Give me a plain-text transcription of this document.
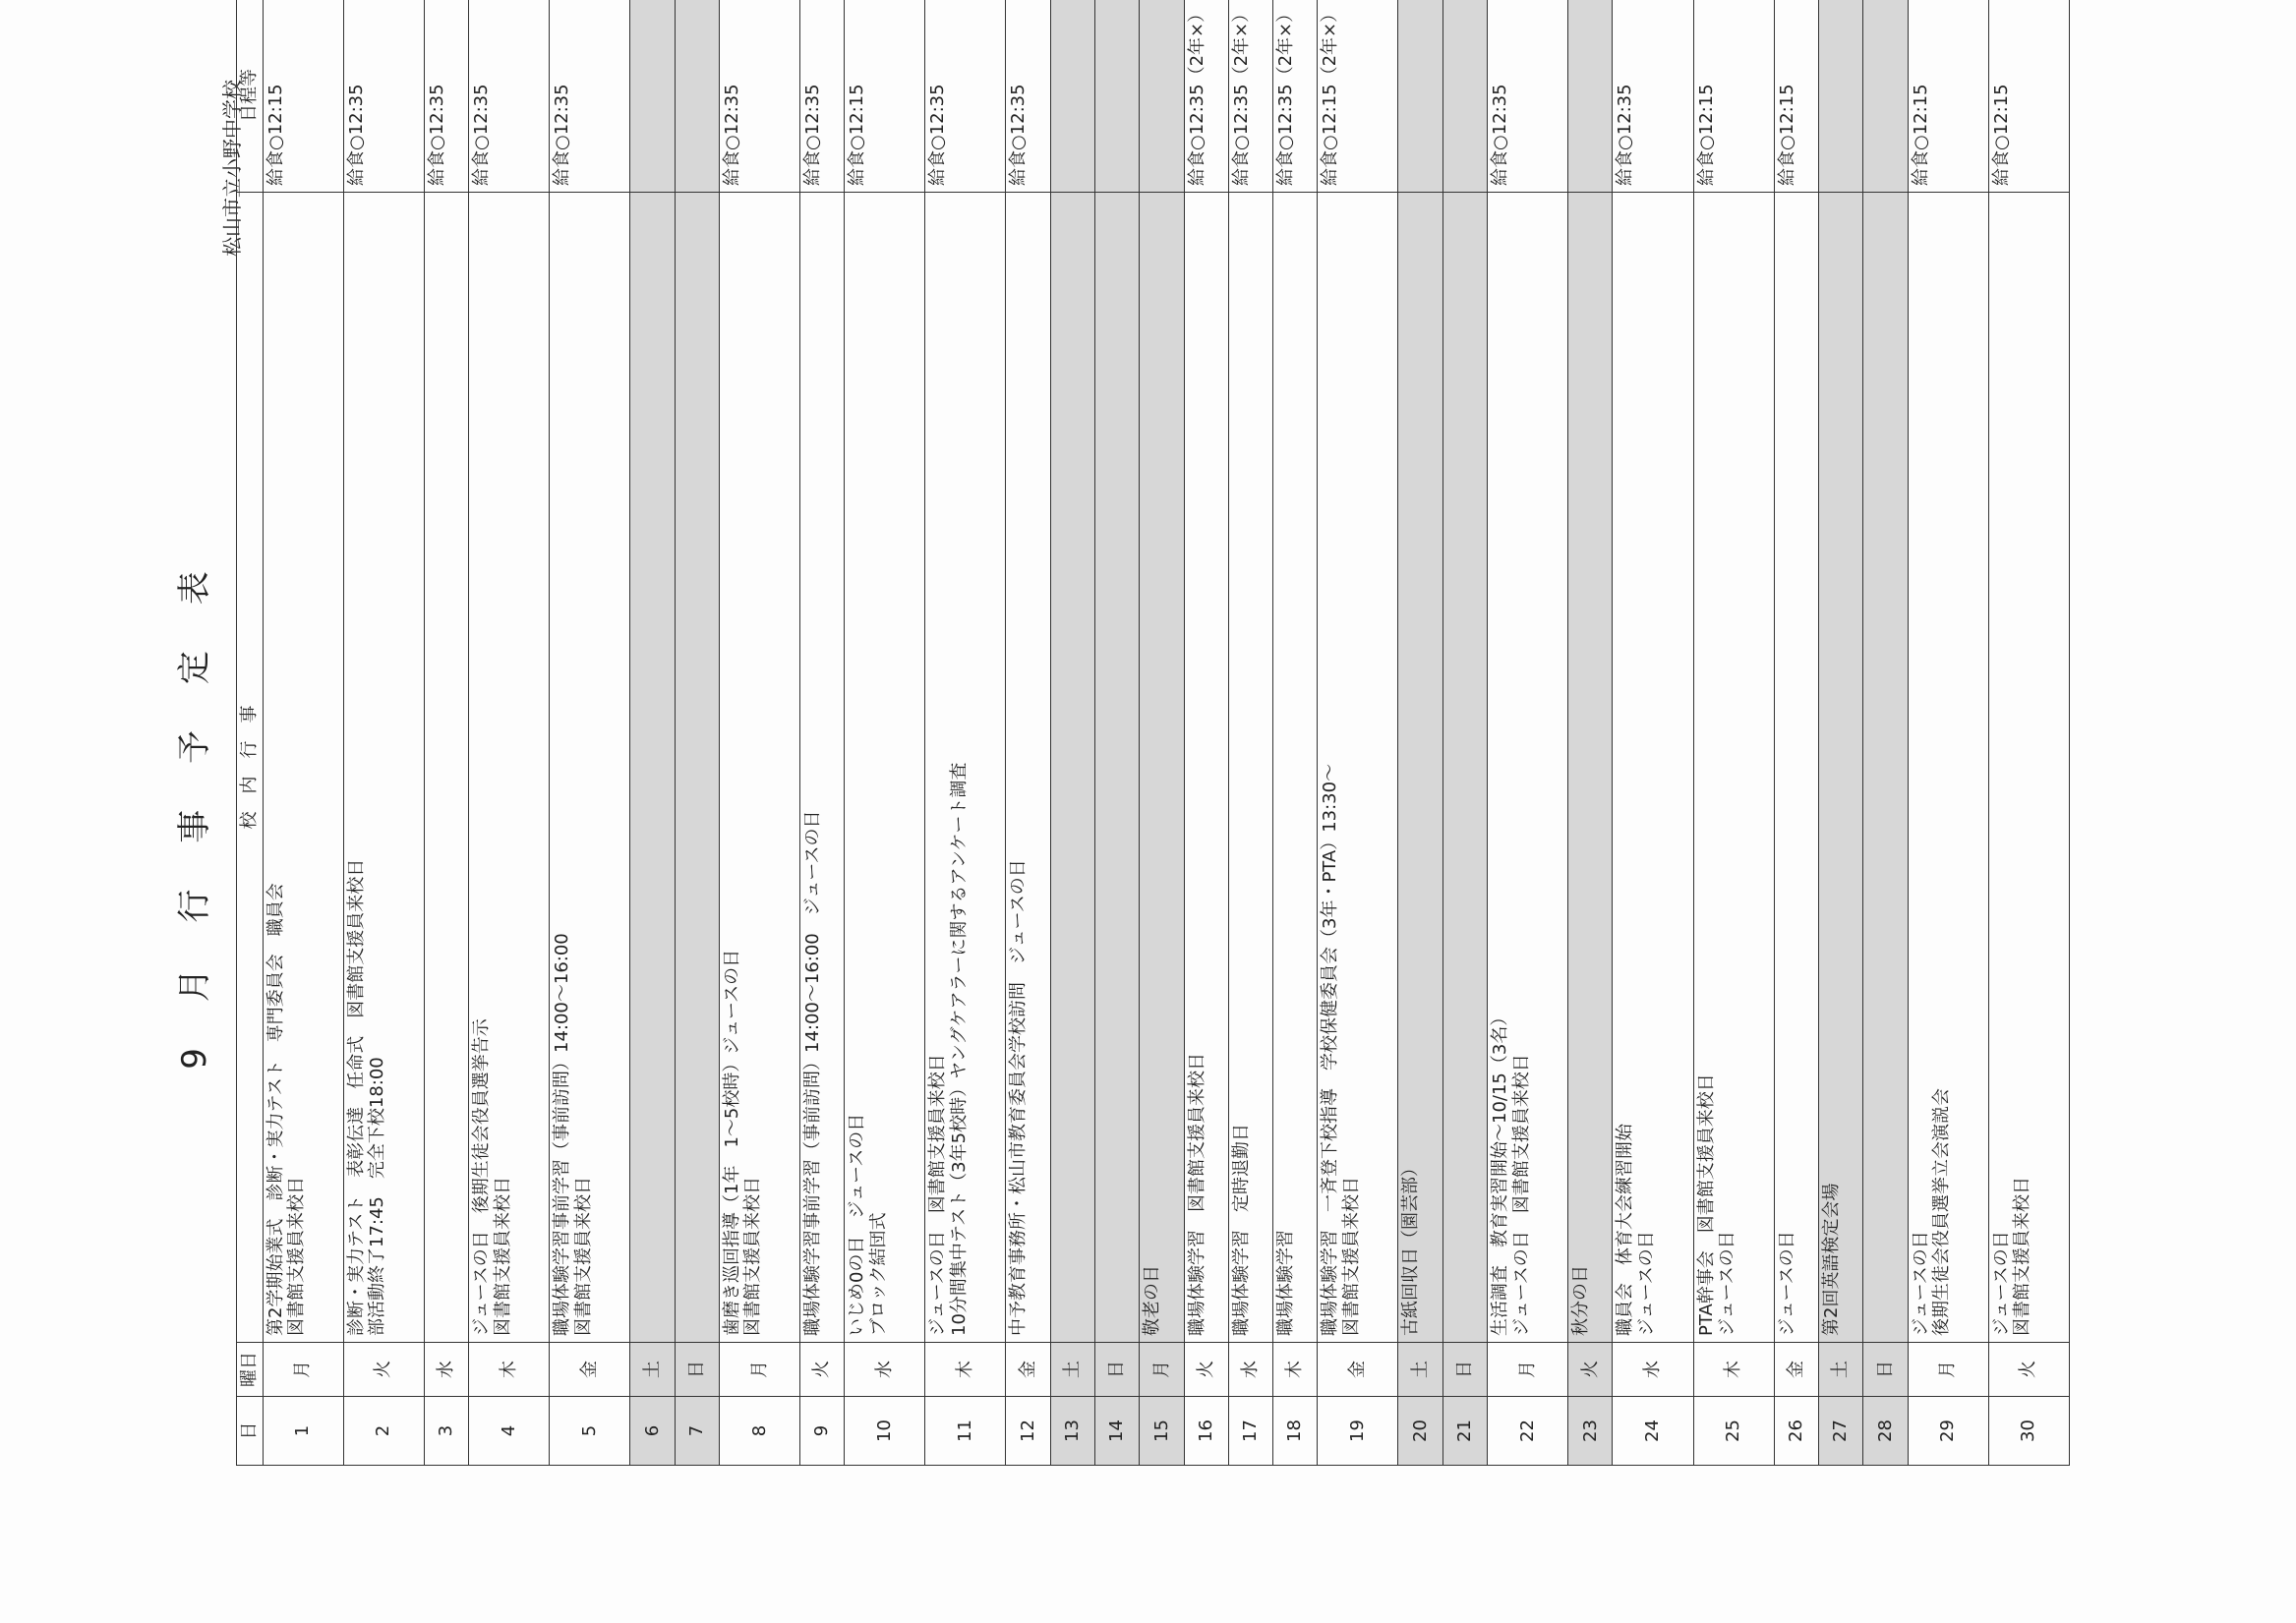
9 月 行 事 予 定 表
松山市立小野中学校
日	曜日	校　内　行　事	日程等

1	月	第2学期始業式　診断・実力テスト　専門委員会　職員会
図書館支援員来校日	給食○12:15

2	火	診断・実力テスト　表彰伝達　任命式　図書館支援員来校日
部活動終了17:45　完全下校18:00	給食○12:35

3	水		給食○12:35

4	木	ジュースの日　後期生徒会役員選挙告示
図書館支援員来校日	給食○12:35

5	金	職場体験学習事前学習（事前訪問）14:00～16:00
図書館支援員来校日	給食○12:35

6	土		

7	日		

8	月	歯磨き巡回指導（1年　1～5校時）ジュースの日
図書館支援員来校日	給食○12:35

9	火	職場体験学習事前学習（事前訪問）14:00～16:00　ジュースの日	給食○12:35

10	水	いじめ0の日　ジュースの日
ブロック結団式	給食○12:15

11	木	ジュースの日　図書館支援員来校日
10分間集中テスト（3年5校時）ヤングケアラーに関するアンケート調査	給食○12:35

12	金	中予教育事務所・松山市教育委員会学校訪問　ジュースの日	給食○12:35

13	土		

14	日		

15	月	敬老の日	

16	火	職場体験学習　図書館支援員来校日	給食○12:35（2年×）

17	水	職場体験学習　定時退勤日	給食○12:35（2年×）

18	木	職場体験学習	給食○12:35（2年×）

19	金	職場体験学習　一斉登下校指導　学校保健委員会（3年・PTA）13:30～
図書館支援員来校日	給食○12:15（2年×）

20	土	古紙回収日（園芸部）	

21	日		

22	月	生活調査　教育実習開始～10/15（3名）
ジュースの日　図書館支援員来校日	給食○12:35

23	火	秋分の日	

24	水	職員会　体育大会練習開始
ジュースの日	給食○12:35

25	木	PTA幹事会　図書館支援員来校日
ジュースの日	給食○12:15

26	金	ジュースの日	給食○12:15

27	土	第2回英語検定会場	

28	日		

29	月	ジュースの日
後期生徒会役員選挙立会演説会	給食○12:15

30	火	ジュースの日
図書館支援員来校日	給食○12:15
